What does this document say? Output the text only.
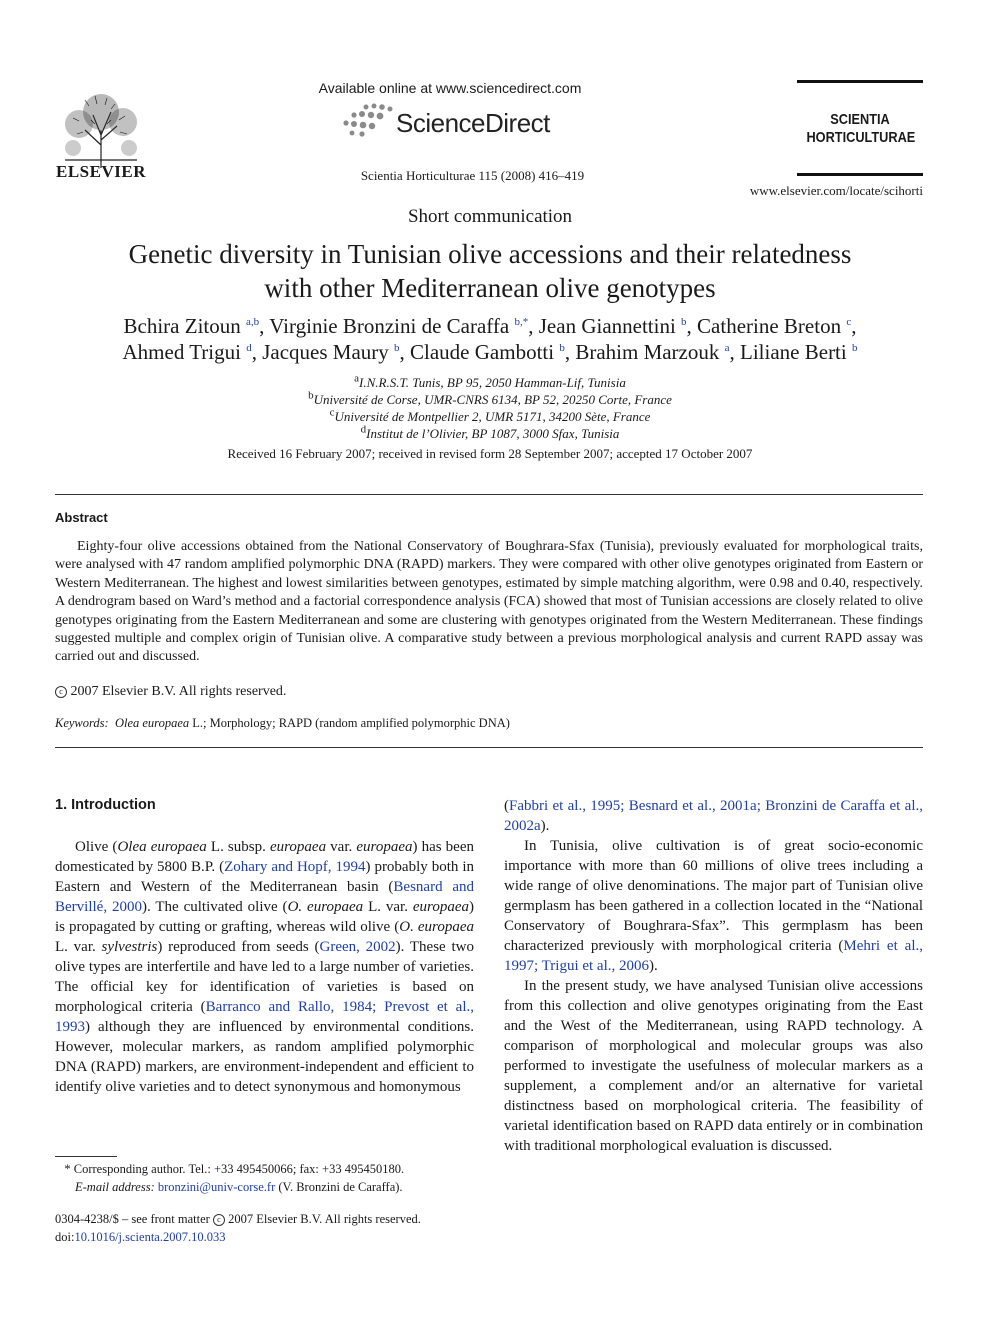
ELSEVIER
Available online at www.sciencedirect.com
ScienceDirect
Scientia Horticulturae 115 (2008) 416–419
SCIENTIA
HORTICULTURAE
www.elsevier.com/locate/scihorti
Short communication
Genetic diversity in Tunisian olive accessions and their relatedness
with other Mediterranean olive genotypes
Bchira Zitoun $^{a,b}$, Virginie Bronzini de Caraffa $^{b,*}$, Jean Giannettini $^b$, Catherine Breton $^c$,
Ahmed Trigui $^d$, Jacques Maury $^b$, Claude Gambotti $^b$, Brahim Marzouk $^a$, Liliane Berti $^b$
$^a$I.N.R.S.T. Tunis, BP 95, 2050 Hamman-Lif, Tunisia
$^b$Université de Corse, UMR-CNRS 6134, BP 52, 20250 Corte, France
$^c$Université de Montpellier 2, UMR 5171, 34200 Sète, France
$^d$Institut de l’Olivier, BP 1087, 3000 Sfax, Tunisia
Received 16 February 2007; received in revised form 28 September 2007; accepted 17 October 2007
Abstract
Eighty-four olive accessions obtained from the National Conservatory of Boughrara-Sfax (Tunisia), previously evaluated for morphological traits, were analysed with 47 random amplified polymorphic DNA (RAPD) markers. They were compared with other olive genotypes originated from Eastern or Western Mediterranean. The highest and lowest similarities between genotypes, estimated by simple matching algorithm, were 0.98 and 0.40, respectively. A dendrogram based on Ward’s method and a factorial correspondence analysis (FCA) showed that most of Tunisian accessions are closely related to olive genotypes originating from the Eastern Mediterranean and some are clustering with genotypes originated from the Western Mediterranean. These findings suggested multiple and complex origin of Tunisian olive. A comparative study between a previous morphological analysis and current RAPD assay was carried out and discussed.
c 2007 Elsevier B.V. All rights reserved.
Keywords: Olea europaea L.; Morphology; RAPD (random amplified polymorphic DNA)
1. Introduction

Olive (Olea europaea L. subsp. europaea var. europaea) has been domesticated by 5800 B.P. (Zohary and Hopf, 1994) probably both in Eastern and Western of the Mediterranean basin (Besnard and Bervillé, 2000). The cultivated olive (O. europaea L. var. europaea) is propagated by cutting or grafting, whereas wild olive (O. europaea L. var. sylvestris) reproduced from seeds (Green, 2002). These two olive types are interfertile and have led to a large number of varieties. The official key for identification of varieties is based on morphological criteria (Barranco and Rallo, 1984; Prevost et al., 1993) although they are influenced by environmental conditions. However, molecular markers, as random amplified polymorphic DNA (RAPD) markers, are environment-independent and efficient to identify olive varieties and to detect synonymous and homonymous

(Fabbri et al., 1995; Besnard et al., 2001a; Bronzini de Caraffa et al., 2002a).

In Tunisia, olive cultivation is of great socio-economic importance with more than 60 millions of olive trees including a wide range of olive denominations. The major part of Tunisian olive germplasm has been gathered in a collection located in the “National Conservatory of Boughrara-Sfax”. This germplasm has been characterized previously with morphological criteria (Mehri et al., 1997; Trigui et al., 2006).

In the present study, we have analysed Tunisian olive accessions from this collection and olive genotypes originating from the East and the West of the Mediterranean, using RAPD technology. A comparison of morphological and molecular groups was also performed to investigate the usefulness of molecular markers as a supplement, a complement and/or an alternative for varietal distinctness based on morphological criteria. The feasibility of varietal identification based on RAPD data entirely or in combination with traditional morphological evaluation is discussed.

* Corresponding author. Tel.: +33 495450066; fax: +33 495450180.
E-mail address: bronzini@univ-corse.fr (V. Bronzini de Caraffa).
0304-4238/$ – see front matter c 2007 Elsevier B.V. All rights reserved.
doi:10.1016/j.scienta.2007.10.033
